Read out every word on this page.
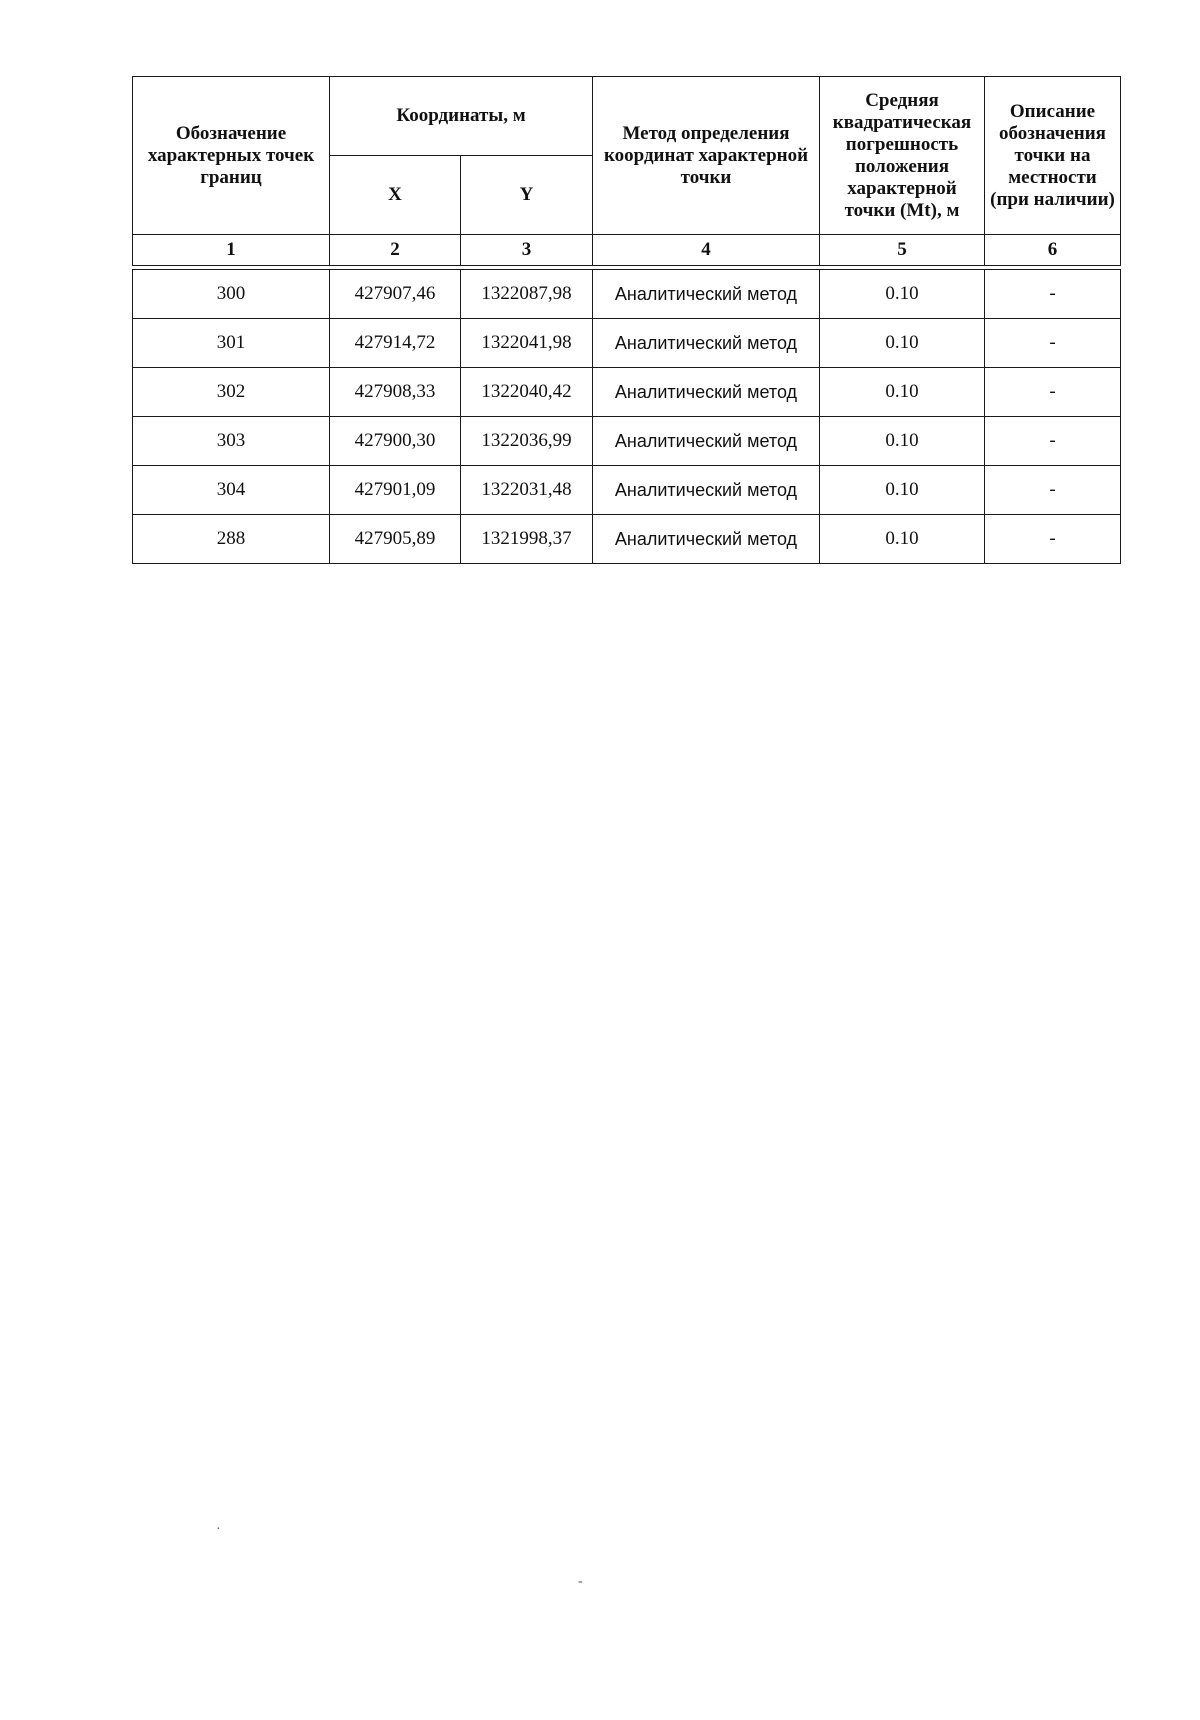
Обозначение характерных точек границ	Координаты, м		Метод определения координат характерной точки	Средняя квадратическая погрешность положения характерной точки (Mt), м	Описание обозначения точки на местности (при наличии)
	X	Y			
1	2	3	4	5	6

300	427907,46	1322087,98	Аналитический метод	0.10	-
301	427914,72	1322041,98	Аналитический метод	0.10	-
302	427908,33	1322040,42	Аналитический метод	0.10	-
303	427900,30	1322036,99	Аналитический метод	0.10	-
304	427901,09	1322031,48	Аналитический метод	0.10	-
288	427905,89	1321998,37	Аналитический метод	0.10	-
·
-
